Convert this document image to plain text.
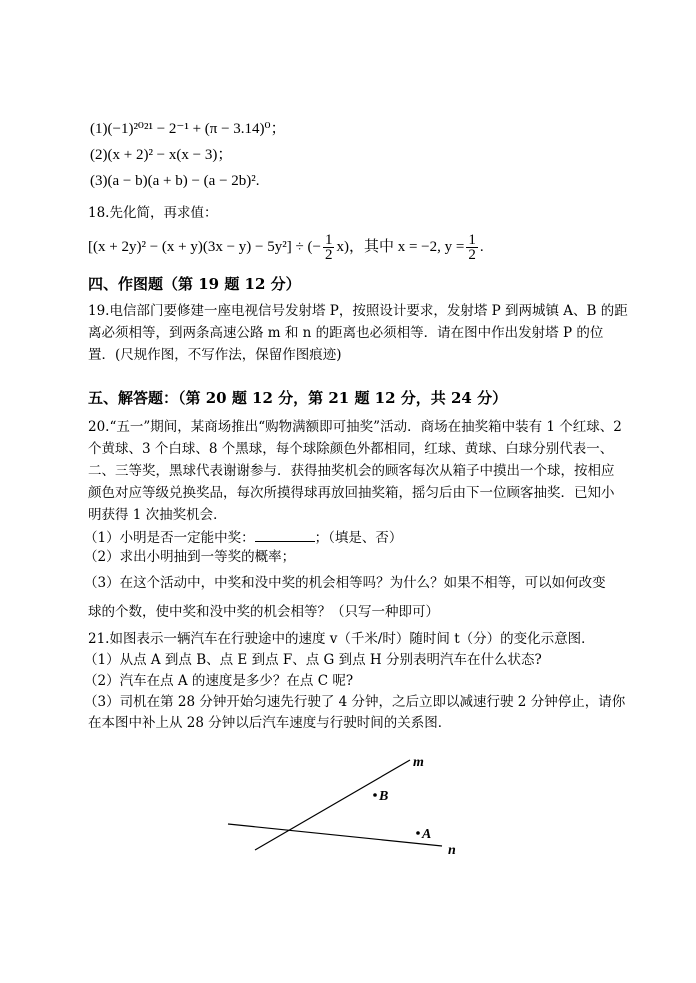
(1)(−1)²⁰²¹ − 2⁻¹ + (π − 3.14)⁰；
(2)(x + 2)² − x(x − 3)；
(3)(a − b)(a + b) − (a − 2b)².
18.先化简，再求值：
[(x + 2y)² − (x + y)(3x − y) − 5y²] ÷ (− $\frac{1}{2} x$)，其中 x = −2, $y = \frac{1}{2}$ .
四、作图题（第 19 题 12 分）
19.电信部门要修建一座电视信号发射塔 P，按照设计要求，发射塔 P 到两城镇 A、B 的距
离必须相等，到两条高速公路 m 和 n 的距离也必须相等．请在图中作出发射塔 P 的位
置．(尺规作图，不写作法，保留作图痕迹)
五、解答题：（第 20 题 12 分，第 21 题 12 分，共 24 分）
20.“五一”期间，某商场推出“购物满额即可抽奖”活动．商场在抽奖箱中装有 1 个红球、2
个黄球、3 个白球、8 个黑球，每个球除颜色外都相同，红球、黄球、白球分别代表一、
二、三等奖，黑球代表谢谢参与．获得抽奖机会的顾客每次从箱子中摸出一个球，按相应
颜色对应等级兑换奖品，每次所摸得球再放回抽奖箱，摇匀后由下一位顾客抽奖．已知小
明获得 1 次抽奖机会．
（1）小明是否一定能中奖：	；（填是、否）
（2）求出小明抽到一等奖的概率；
（3）在这个活动中，中奖和没中奖的机会相等吗？为什么？如果不相等，可以如何改变
球的个数，使中奖和没中奖的机会相等？（只写一种即可）
21.如图表示一辆汽车在行驶途中的速度 v（千米/时）随时间 t（分）的变化示意图．
（1）从点 A 到点 B、点 E 到点 F、点 G 到点 H 分别表明汽车在什么状态?
（2）汽车在点 A 的速度是多少？在点 C 呢?
（3）司机在第 28 分钟开始匀速先行驶了 4 分钟，之后立即以减速行驶 2 分钟停止，请你
在本图中补上从 28 分钟以后汽车速度与行驶时间的关系图．
m
n
B
A
